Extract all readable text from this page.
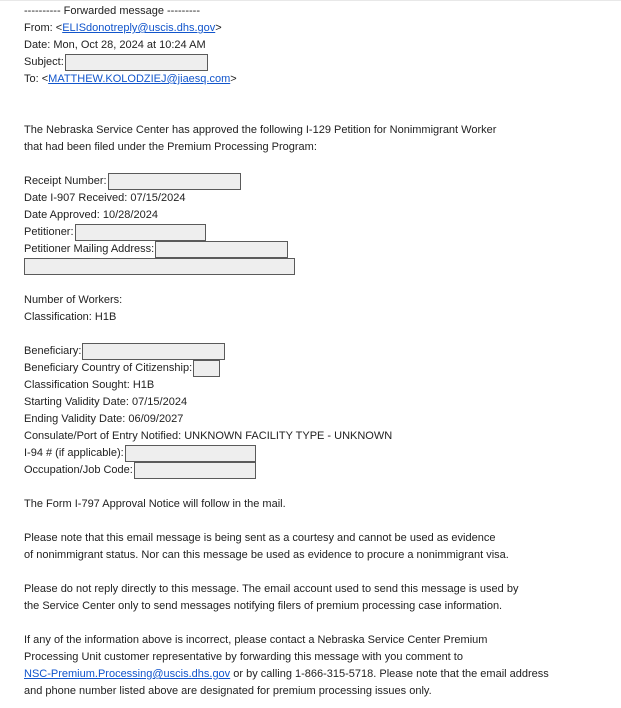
---------- Forwarded message ---------
From: < ELISdonotreply@uscis.dhs.gov >
Date: Mon, Oct 28, 2024 at 10:24 AM
Subject:
To: < MATTHEW.KOLODZIEJ@jiaesq.com >
The Nebraska Service Center has approved the following I-129 Petition for Nonimmigrant Worker
that had been filed under the Premium Processing Program:
Receipt Number:
Date I-907 Received: 07/15/2024
Date Approved: 10/28/2024
Petitioner:
Petitioner Mailing Address:
Number of Workers:
Classification: H1B
Beneficiary:
Beneficiary Country of Citizenship:
Classification Sought: H1B
Starting Validity Date: 07/15/2024
Ending Validity Date: 06/09/2027
Consulate/Port of Entry Notified: UNKNOWN FACILITY TYPE - UNKNOWN
I-94 # (if applicable):
Occupation/Job Code:
The Form I-797 Approval Notice will follow in the mail.
Please note that this email message is being sent as a courtesy and cannot be used as evidence
of nonimmigrant status. Nor can this message be used as evidence to procure a nonimmigrant visa.
Please do not reply directly to this message. The email account used to send this message is used by
the Service Center only to send messages notifying filers of premium processing case information.
If any of the information above is incorrect, please contact a Nebraska Service Center Premium
Processing Unit customer representative by forwarding this message with you comment to
NSC-Premium.Processing@uscis.dhs.gov or by calling 1-866-315-5718. Please note that the email address
and phone number listed above are designated for premium processing issues only.
